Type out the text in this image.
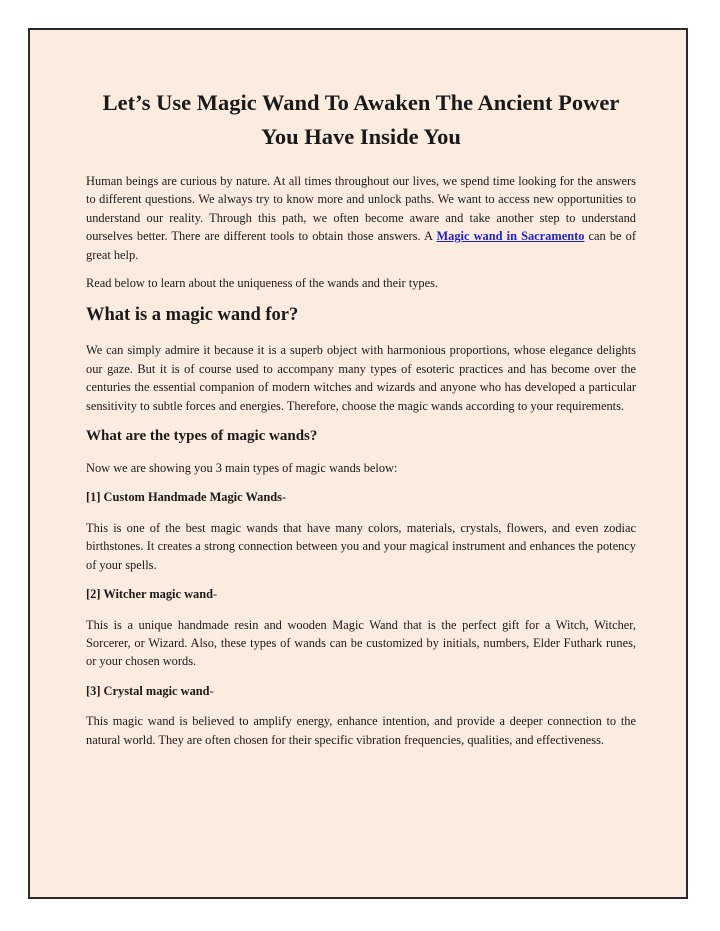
Let’s Use Magic Wand To Awaken The Ancient Power You Have Inside You

Human beings are curious by nature. At all times throughout our lives, we spend time looking for the answers to different questions. We always try to know more and unlock paths. We want to access new opportunities to understand our reality. Through this path, we often become aware and take another step to understand ourselves better. There are different tools to obtain those answers. A Magic wand in Sacramento can be of great help.

Read below to learn about the uniqueness of the wands and their types.

What is a magic wand for?

We can simply admire it because it is a superb object with harmonious proportions, whose elegance delights our gaze. But it is of course used to accompany many types of esoteric practices and has become over the centuries the essential companion of modern witches and wizards and anyone who has developed a particular sensitivity to subtle forces and energies. Therefore, choose the magic wands according to your requirements.

What are the types of magic wands?

Now we are showing you 3 main types of magic wands below:

[1] Custom Handmade Magic Wands-

This is one of the best magic wands that have many colors, materials, crystals, flowers, and even zodiac birthstones. It creates a strong connection between you and your magical instrument and enhances the potency of your spells.

[2] Witcher magic wand-

This is a unique handmade resin and wooden Magic Wand that is the perfect gift for a Witch, Witcher, Sorcerer, or Wizard. Also, these types of wands can be customized by initials, numbers, Elder Futhark runes, or your chosen words.

[3] Crystal magic wand-

This magic wand is believed to amplify energy, enhance intention, and provide a deeper connection to the natural world. They are often chosen for their specific vibration frequencies, qualities, and effectiveness.
